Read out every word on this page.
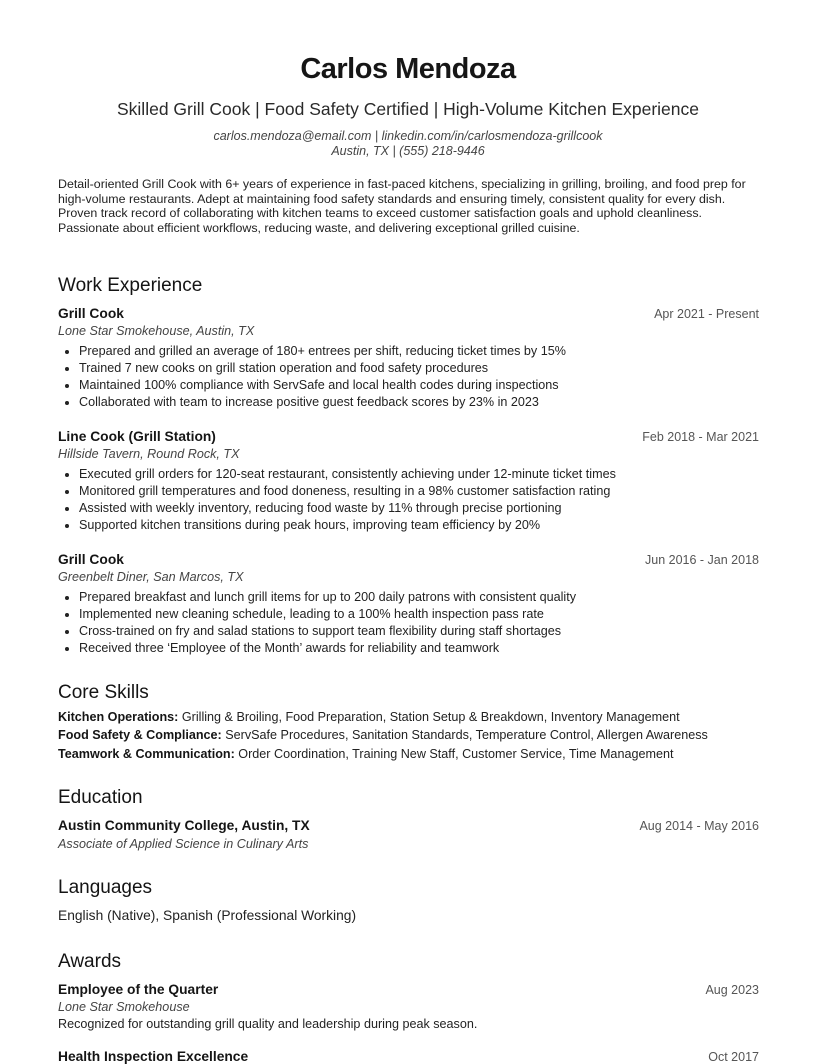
Carlos Mendoza
Skilled Grill Cook | Food Safety Certified | High-Volume Kitchen Experience
carlos.mendoza@email.com | linkedin.com/in/carlosmendoza-grillcook
Austin, TX | (555) 218-9446
Detail-oriented Grill Cook with 6+ years of experience in fast-paced kitchens, specializing in grilling, broiling, and food prep for high-volume restaurants. Adept at maintaining food safety standards and ensuring timely, consistent quality for every dish. Proven track record of collaborating with kitchen teams to exceed customer satisfaction goals and uphold cleanliness. Passionate about efficient workflows, reducing waste, and delivering exceptional grilled cuisine.
Work Experience
Grill Cook	Apr 2021 - Present
Lone Star Smokehouse, Austin, TX
• Prepared and grilled an average of 180+ entrees per shift, reducing ticket times by 15%
• Trained 7 new cooks on grill station operation and food safety procedures
• Maintained 100% compliance with ServSafe and local health codes during inspections
• Collaborated with team to increase positive guest feedback scores by 23% in 2023
Line Cook (Grill Station)	Feb 2018 - Mar 2021
Hillside Tavern, Round Rock, TX
• Executed grill orders for 120-seat restaurant, consistently achieving under 12-minute ticket times
• Monitored grill temperatures and food doneness, resulting in a 98% customer satisfaction rating
• Assisted with weekly inventory, reducing food waste by 11% through precise portioning
• Supported kitchen transitions during peak hours, improving team efficiency by 20%
Grill Cook	Jun 2016 - Jan 2018
Greenbelt Diner, San Marcos, TX
• Prepared breakfast and lunch grill items for up to 200 daily patrons with consistent quality
• Implemented new cleaning schedule, leading to a 100% health inspection pass rate
• Cross-trained on fry and salad stations to support team flexibility during staff shortages
• Received three ‘Employee of the Month’ awards for reliability and teamwork
Core Skills
Kitchen Operations: Grilling & Broiling, Food Preparation, Station Setup & Breakdown, Inventory Management
Food Safety & Compliance: ServSafe Procedures, Sanitation Standards, Temperature Control, Allergen Awareness
Teamwork & Communication: Order Coordination, Training New Staff, Customer Service, Time Management
Education
Austin Community College, Austin, TX	Aug 2014 - May 2016
Associate of Applied Science in Culinary Arts
Languages
English (Native), Spanish (Professional Working)
Awards
Employee of the Quarter	Aug 2023
Lone Star Smokehouse
Recognized for outstanding grill quality and leadership during peak season.
Health Inspection Excellence	Oct 2017
